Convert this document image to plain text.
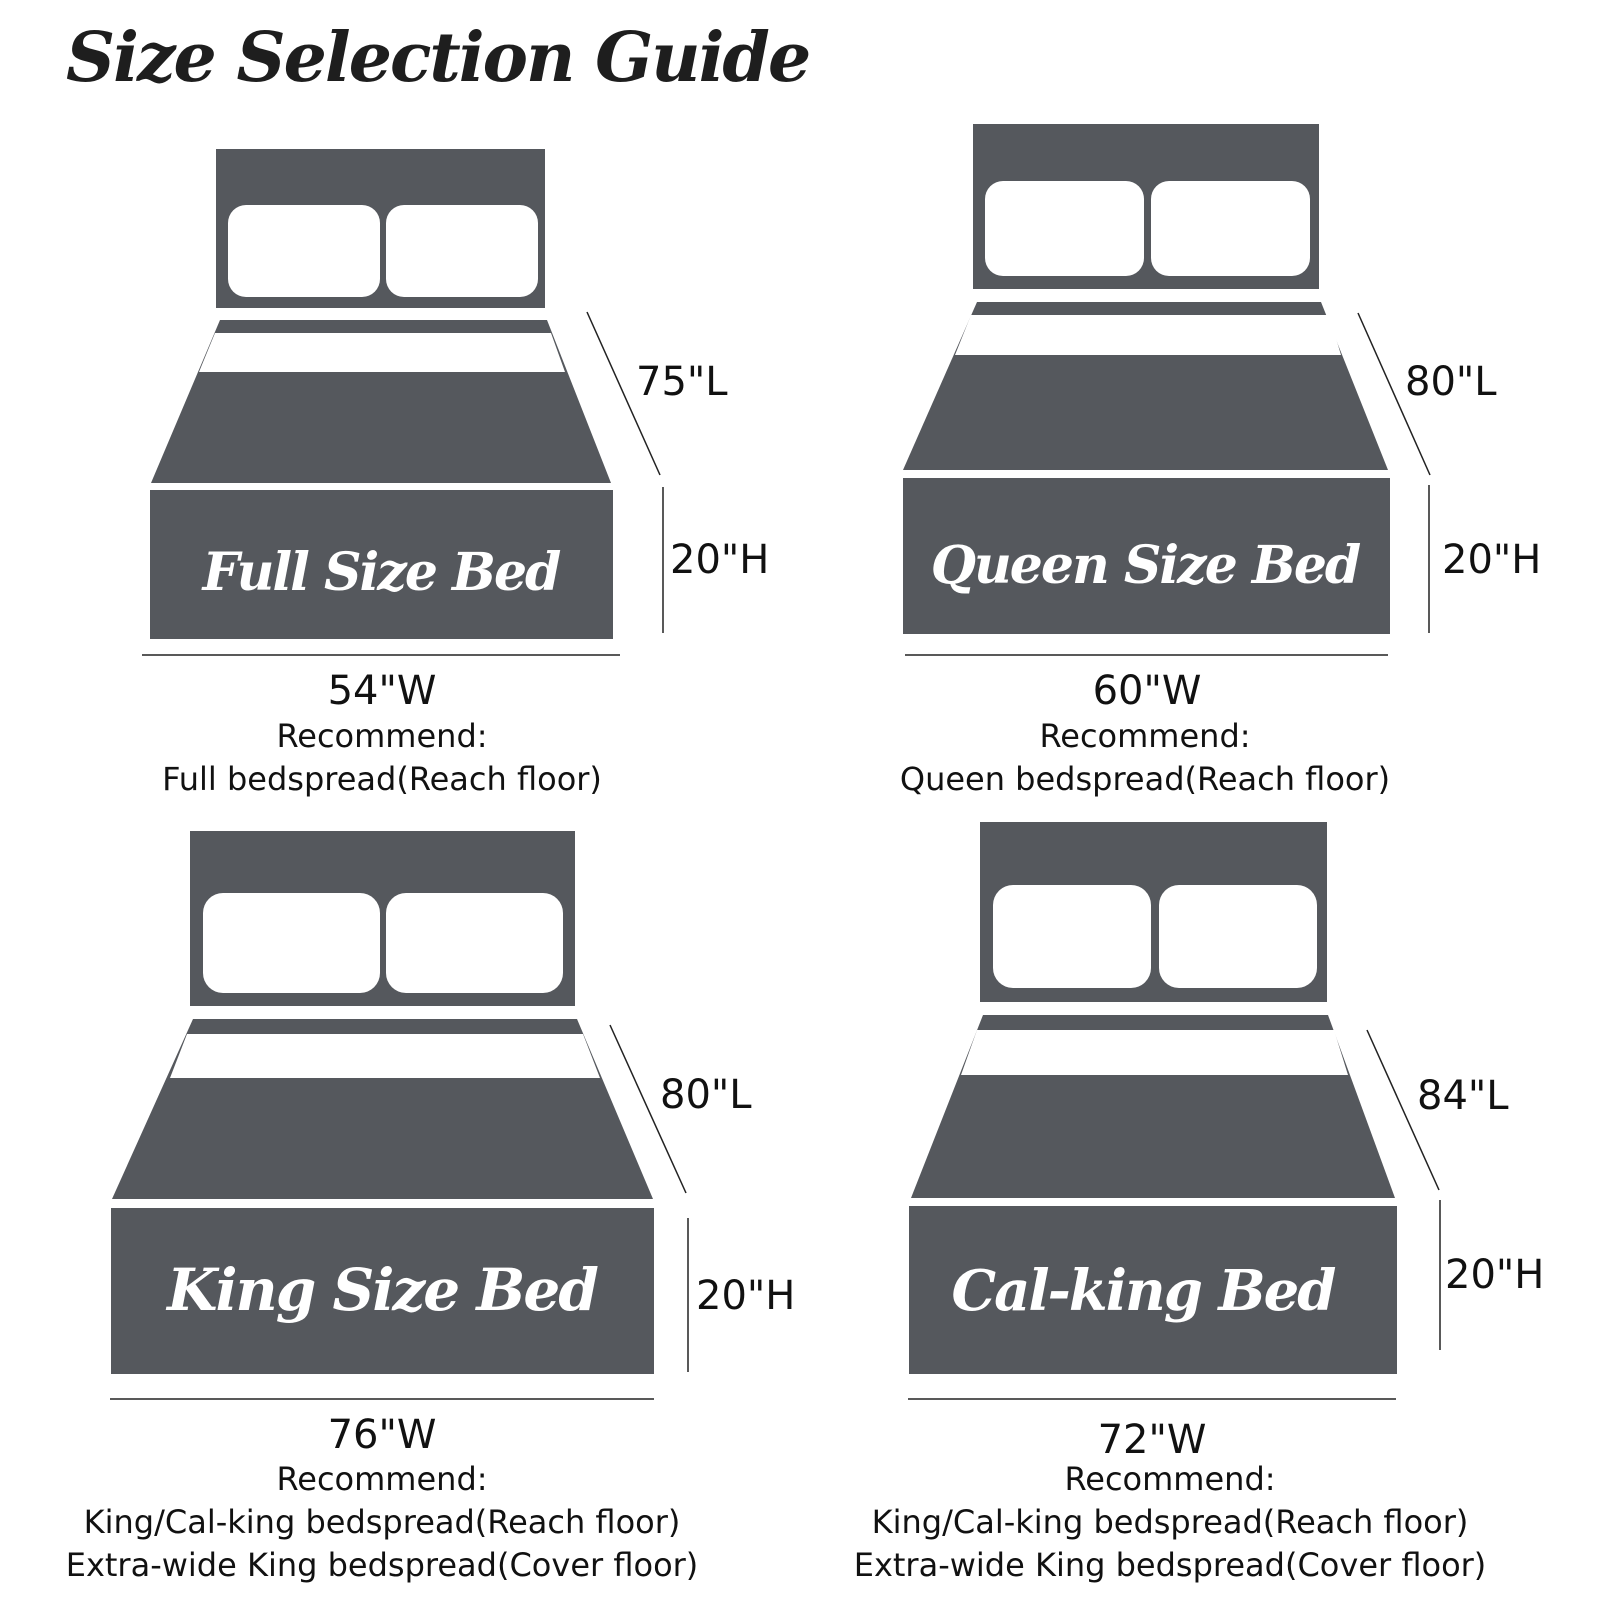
Size Selection Guide
Full Size Bed
75"L
20"H
54"W
Queen Size Bed
80"L
20"H
60"W
King Size Bed
80"L
20"H
76"W
Cal-king Bed
84"L
20"H
72"W
Recommend:
Full bedspread(Reach floor)
Recommend:
Queen bedspread(Reach floor)
Recommend:
King/Cal-king bedspread(Reach floor)
Extra-wide King bedspread(Cover floor)
Recommend:
King/Cal-king bedspread(Reach floor)
Extra-wide King bedspread(Cover floor)
